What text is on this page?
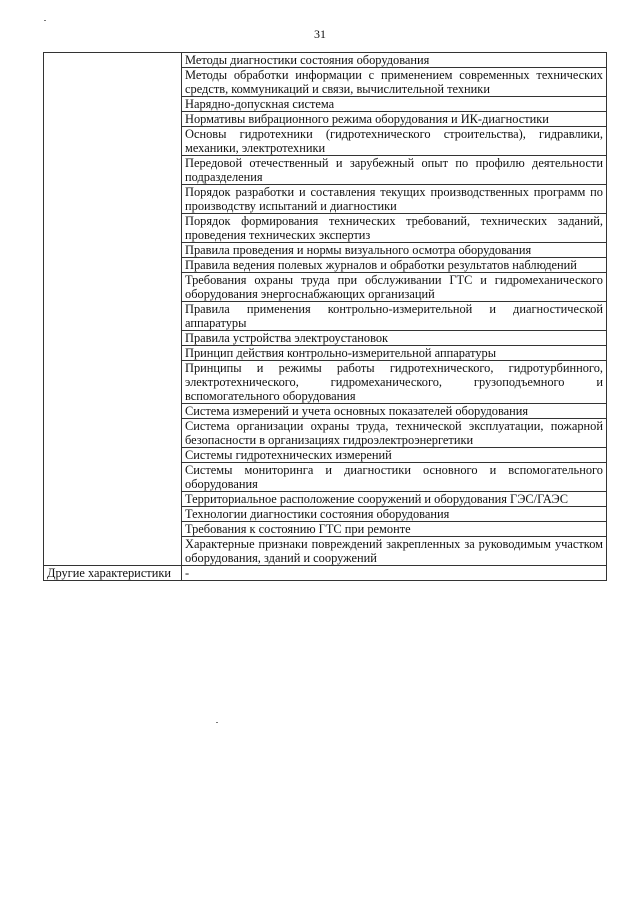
31
	Методы диагностики состояния оборудования
	Методы обработки информации с применением современных технических средств, коммуникаций и связи, вычислительной техники
	Нарядно-допускная система
	Нормативы вибрационного режима оборудования и ИК-диагностики
	Основы гидротехники (гидротехнического строительства), гидравлики, механики, электротехники
	Передовой отечественный и зарубежный опыт по профилю деятельности подразделения
	Порядок разработки и составления текущих производственных программ по производству испытаний и диагностики
	Порядок формирования технических требований, технических заданий, проведения технических экспертиз
	Правила проведения и нормы визуального осмотра оборудования
	Правила ведения полевых журналов и обработки результатов наблюдений
	Требования охраны труда при обслуживании ГТС и гидромеханического оборудования энергоснабжающих организаций
	Правила применения контрольно-измерительной и диагностической аппаратуры
	Правила устройства электроустановок
	Принцип действия контрольно-измерительной аппаратуры
	Принципы и режимы работы гидротехнического, гидротурбинного, электротехнического, гидромеханического, грузоподъемного и вспомогательного оборудования
	Система измерений и учета основных показателей оборудования
	Система организации охраны труда, технической эксплуатации, пожарной безопасности в организациях гидроэлектроэнергетики
	Системы гидротехнических измерений
	Системы мониторинга и диагностики основного и вспомогательного оборудования
	Территориальное расположение сооружений и оборудования ГЭС/ГАЭС
	Технологии диагностики состояния оборудования
	Требования к состоянию ГТС при ремонте
	Характерные признаки повреждений закрепленных за руководимым участком оборудования, зданий и сооружений
Другие характеристики	-
